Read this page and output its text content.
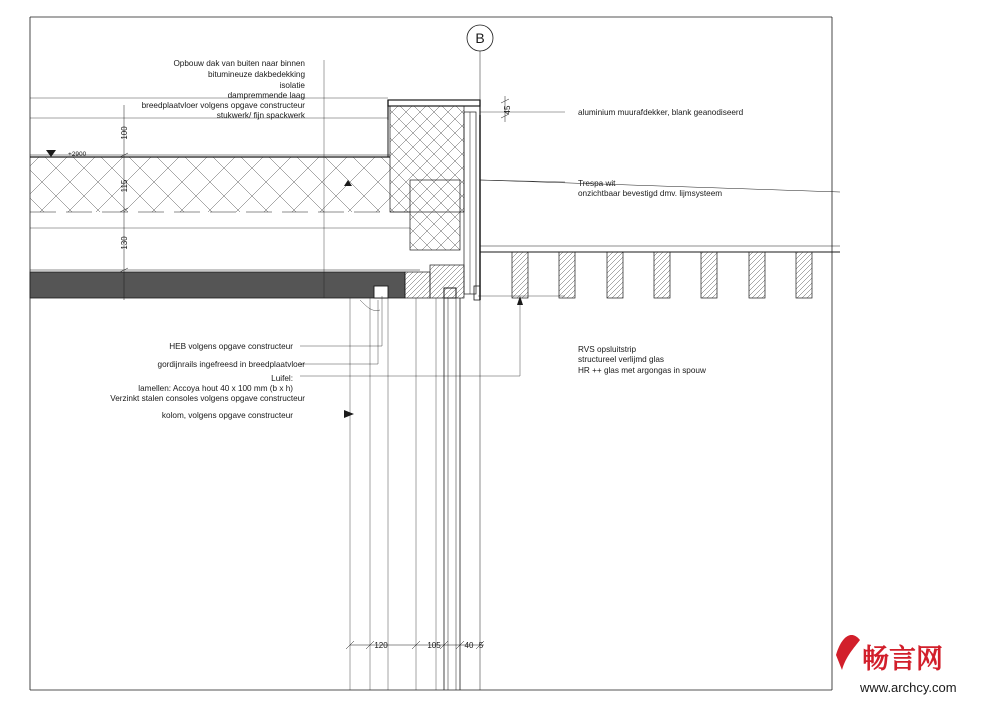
B
100
115
130
45
+2900
120	105	40 5
Opbouw dak van buiten naar binnen
bitumineuze dakbedekking
isolatie
dampremmende laag
breedplaatvloer volgens opgave constructeur
stukwerk/ fijn spackwerk
HEB volgens opgave constructeur
gordijnrails ingefreesd in breedplaatvloer
Luifel:
lamellen: Accoya hout 40 x 100 mm (b x h)
Verzinkt stalen consoles volgens opgave constructeur
kolom, volgens opgave constructeur
aluminium muurafdekker, blank geanodiseerd
Trespa wit
onzichtbaar bevestigd dmv. lijmsysteem
RVS opsluitstrip
structureel verlijmd glas
HR ++ glas met argongas in spouw
畅言网
www.archcy.com
